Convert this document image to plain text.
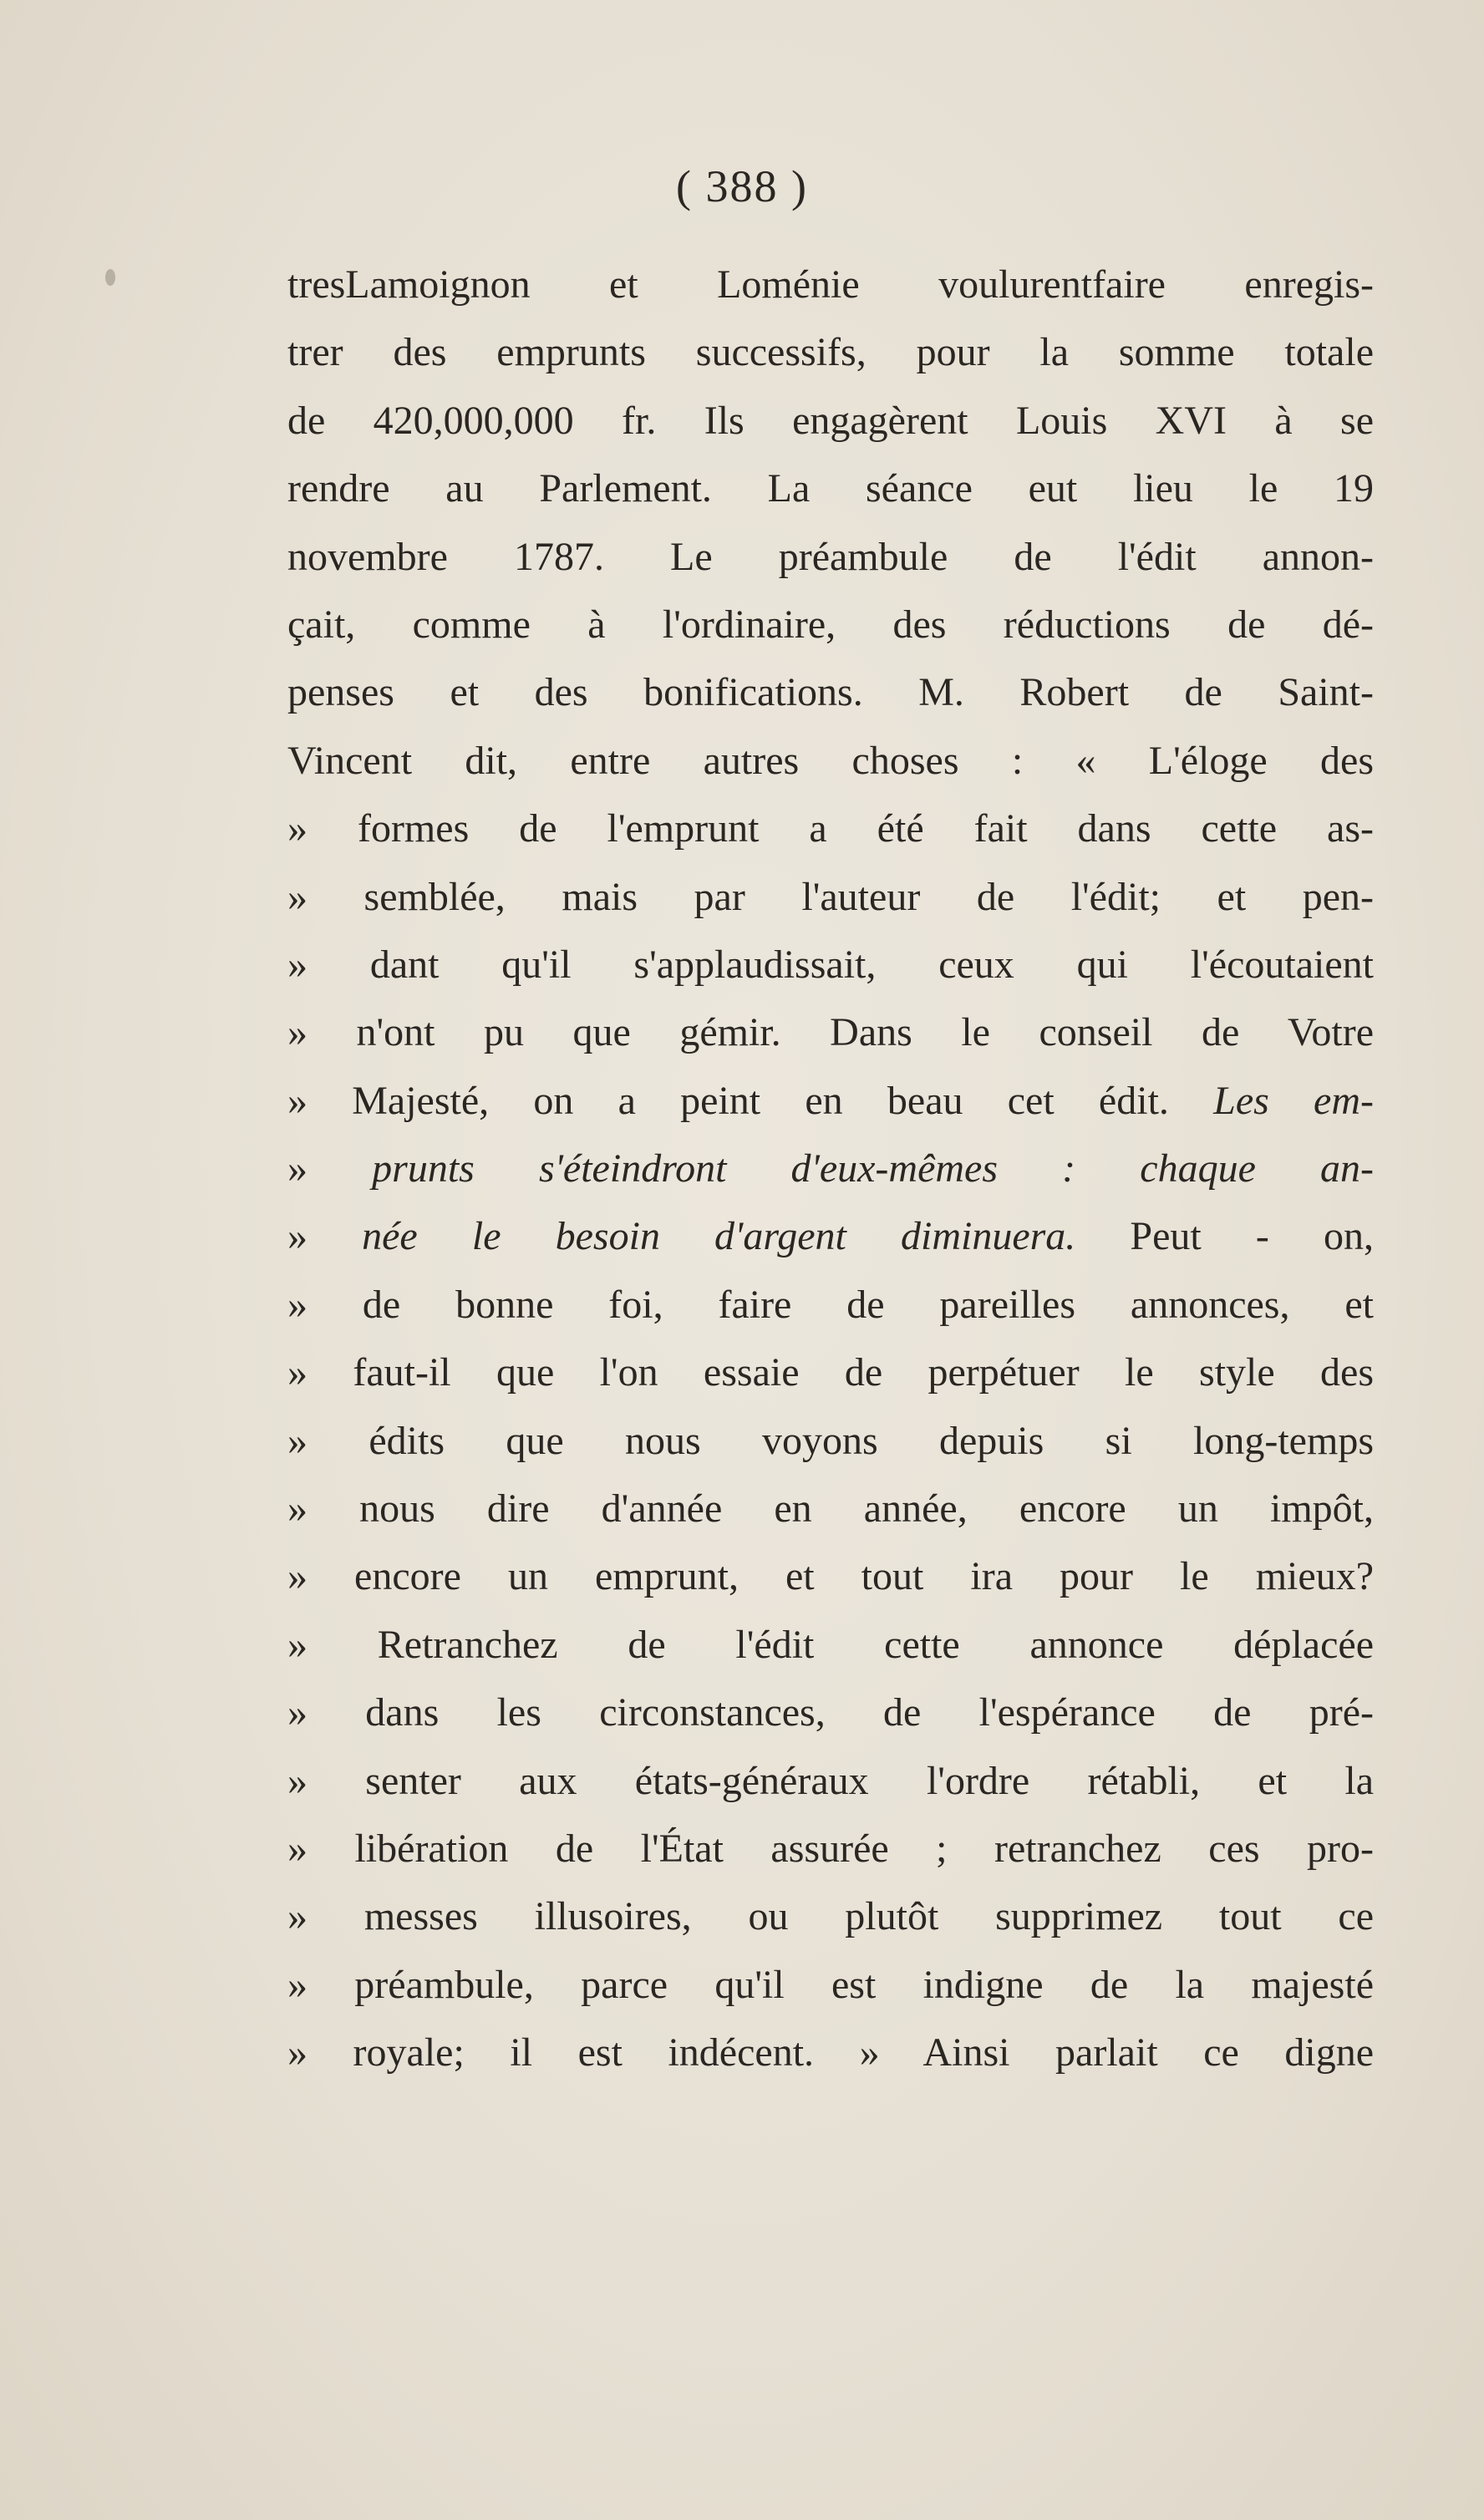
( 388 )
tresLamoignon et Loménie voulurentfaire enregis-
trer des emprunts successifs, pour la somme totale
de 420,000,000 fr. Ils engagèrent Louis XVI à se
rendre au Parlement. La séance eut lieu le 19
novembre 1787. Le préambule de l'édit annon-
çait, comme à l'ordinaire, des réductions de dé-
penses et des bonifications. M. Robert de Saint-
Vincent dit, entre autres choses : « L'éloge des
» formes de l'emprunt a été fait dans cette as-
» semblée, mais par l'auteur de l'édit; et pen-
» dant qu'il s'applaudissait, ceux qui l'écoutaient
» n'ont pu que gémir. Dans le conseil de Votre
» Majesté, on a peint en beau cet édit. Les em-
» prunts s'éteindront d'eux-mêmes : chaque an-
» née le besoin d'argent diminuera. Peut - on,
» de bonne foi, faire de pareilles annonces, et
» faut-il que l'on essaie de perpétuer le style des
» édits que nous voyons depuis si long-temps
» nous dire d'année en année, encore un impôt,
» encore un emprunt, et tout ira pour le mieux?
» Retranchez de l'édit cette annonce déplacée
» dans les circonstances, de l'espérance de pré-
» senter aux états-généraux l'ordre rétabli, et la
» libération de l'État assurée ; retranchez ces pro-
» messes illusoires, ou plutôt supprimez tout ce
» préambule, parce qu'il est indigne de la majesté
» royale; il est indécent. » Ainsi parlait ce digne
